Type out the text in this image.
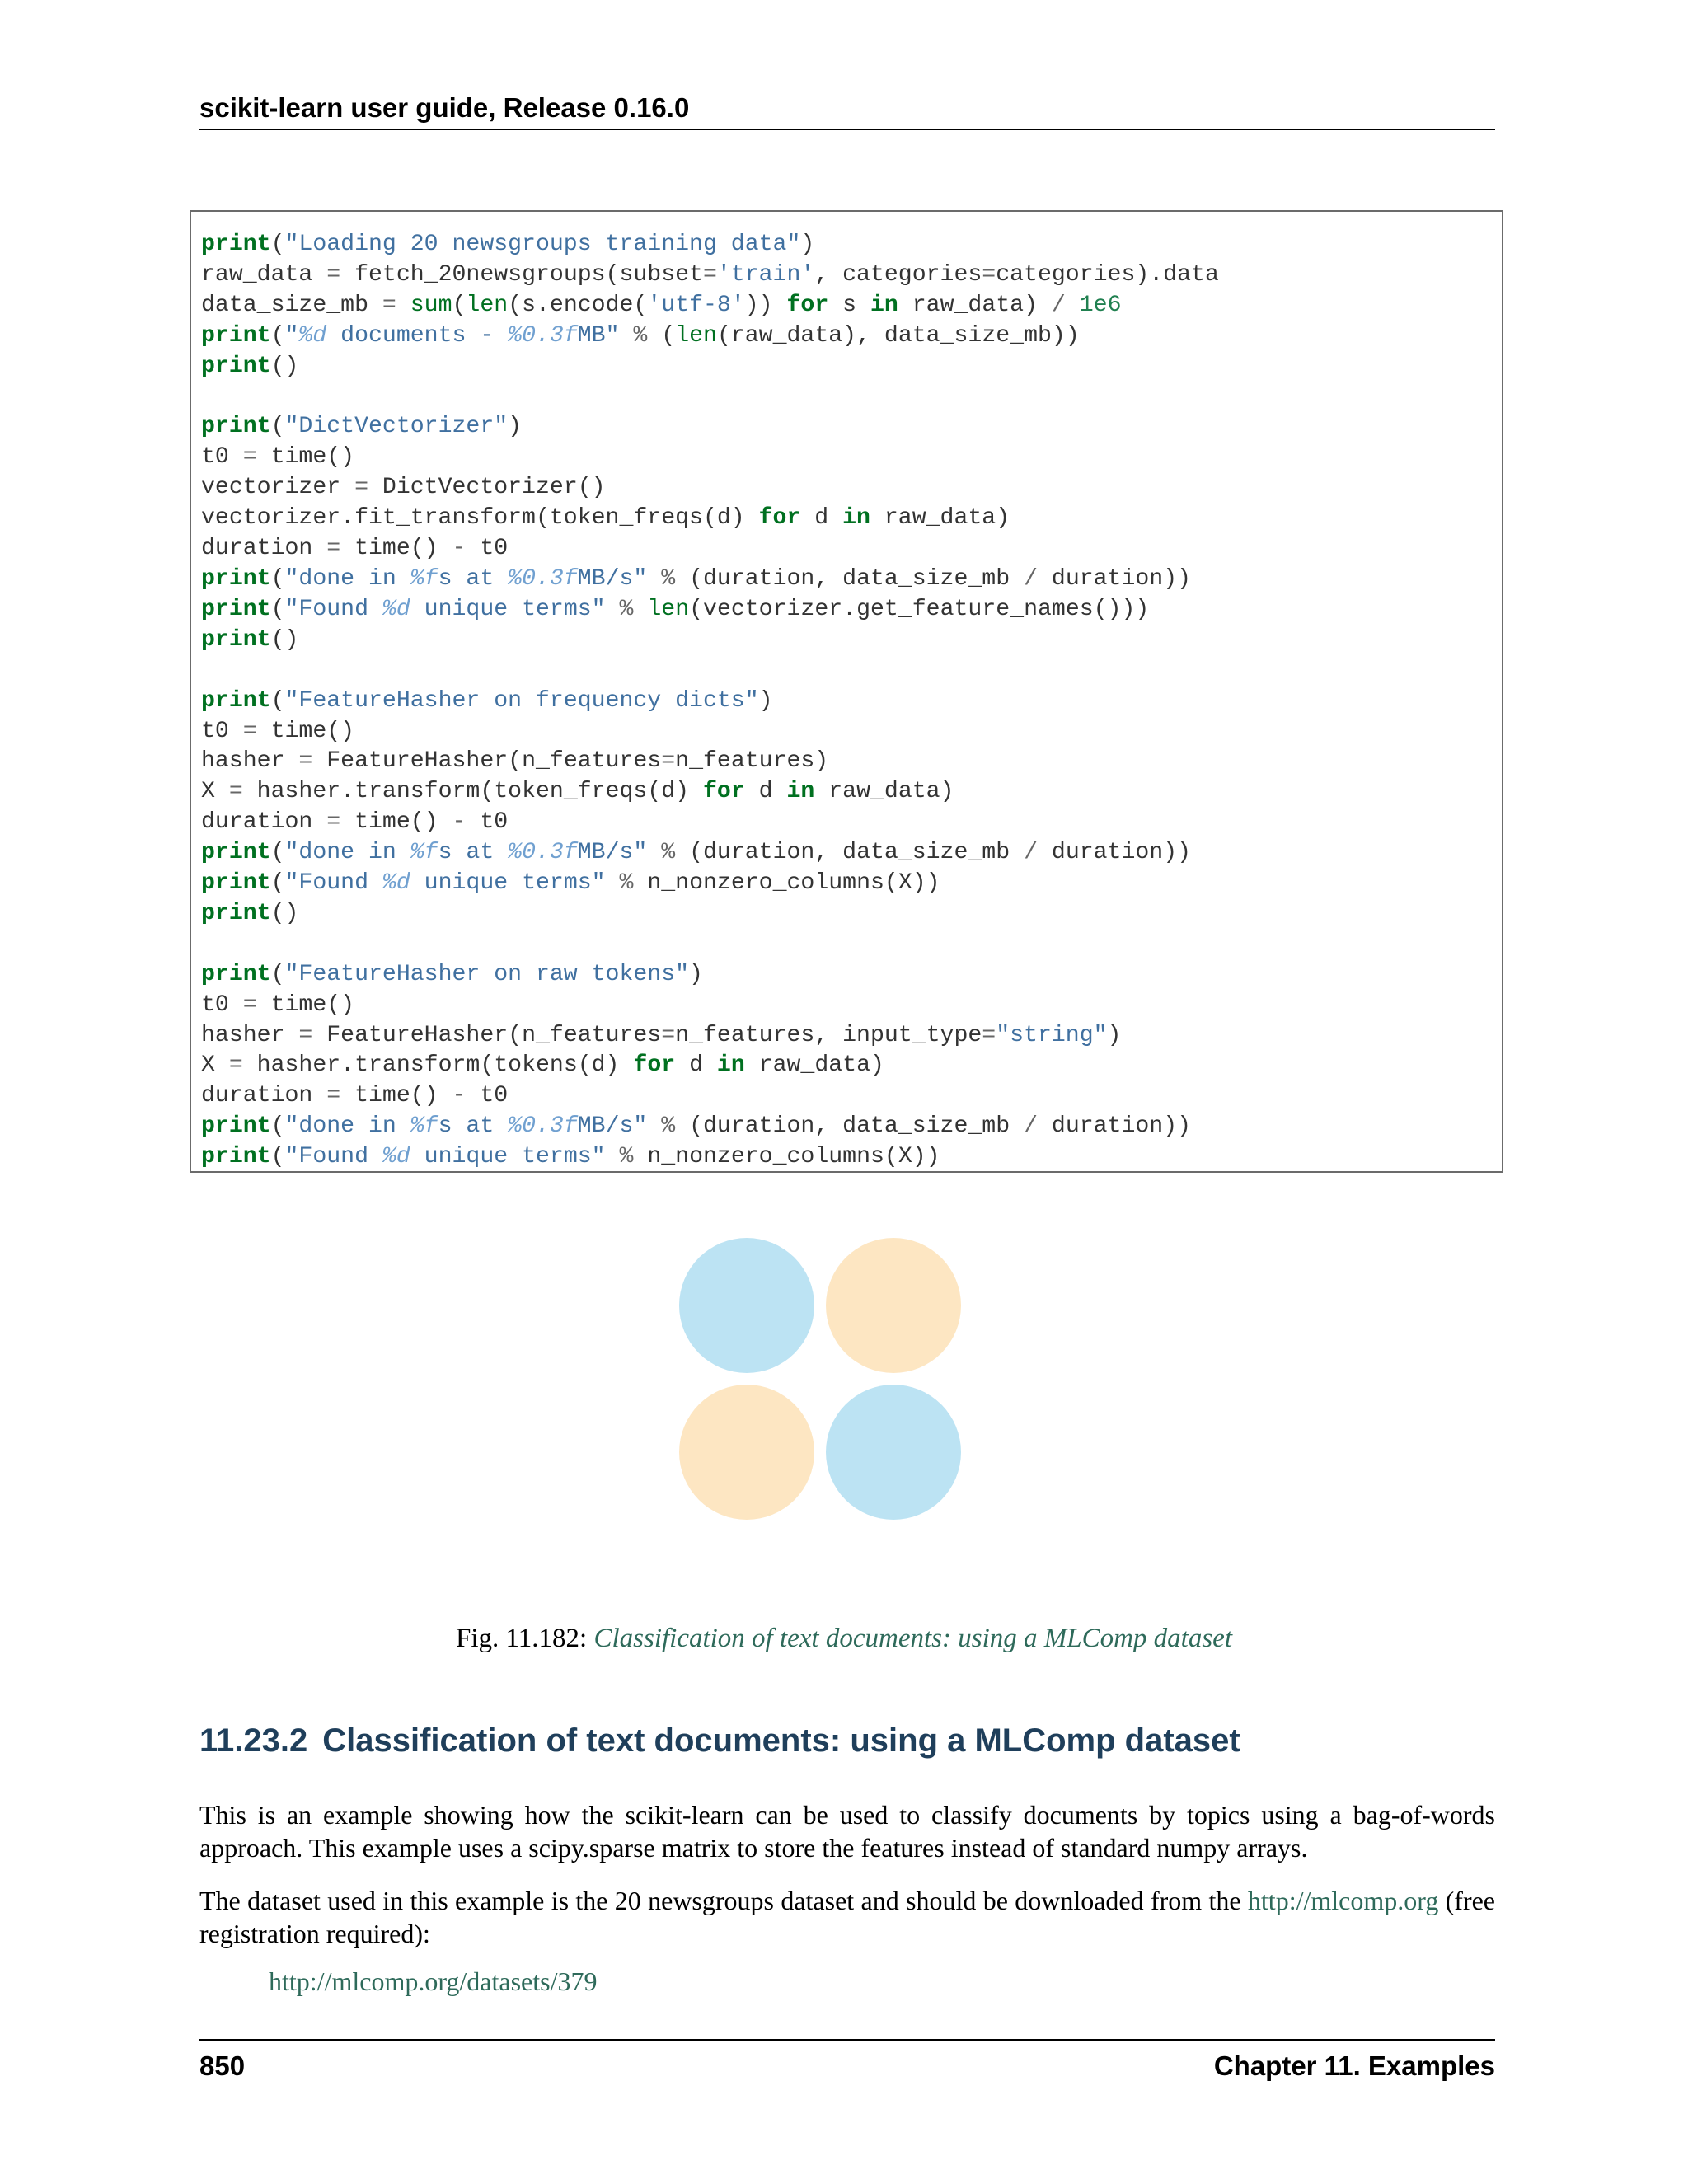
scikit-learn user guide, Release 0.16.0
print("Loading 20 newsgroups training data")
raw_data = fetch_20newsgroups(subset='train', categories=categories).data
data_size_mb = sum(len(s.encode('utf-8')) for s in raw_data) / 1e6
print("%d documents - %0.3fMB" % (len(raw_data), data_size_mb))
print()

print("DictVectorizer")
t0 = time()
vectorizer = DictVectorizer()
vectorizer.fit_transform(token_freqs(d) for d in raw_data)
duration = time() - t0
print("done in %fs at %0.3fMB/s" % (duration, data_size_mb / duration))
print("Found %d unique terms" % len(vectorizer.get_feature_names()))
print()

print("FeatureHasher on frequency dicts")
t0 = time()
hasher = FeatureHasher(n_features=n_features)
X = hasher.transform(token_freqs(d) for d in raw_data)
duration = time() - t0
print("done in %fs at %0.3fMB/s" % (duration, data_size_mb / duration))
print("Found %d unique terms" % n_nonzero_columns(X))
print()

print("FeatureHasher on raw tokens")
t0 = time()
hasher = FeatureHasher(n_features=n_features, input_type="string")
X = hasher.transform(tokens(d) for d in raw_data)
duration = time() - t0
print("done in %fs at %0.3fMB/s" % (duration, data_size_mb / duration))
print("Found %d unique terms" % n_nonzero_columns(X))
Fig. 11.182: Classification of text documents: using a MLComp dataset
11.23.2 Classification of text documents: using a MLComp dataset

This is an example showing how the scikit-learn can be used to classify documents by topics using a bag-of-words approach. This example uses a scipy.sparse matrix to store the features instead of standard numpy arrays.

The dataset used in this example is the 20 newsgroups dataset and should be downloaded from the http://mlcomp.org (free registration required):

http://mlcomp.org/datasets/379
850	Chapter 11. Examples
